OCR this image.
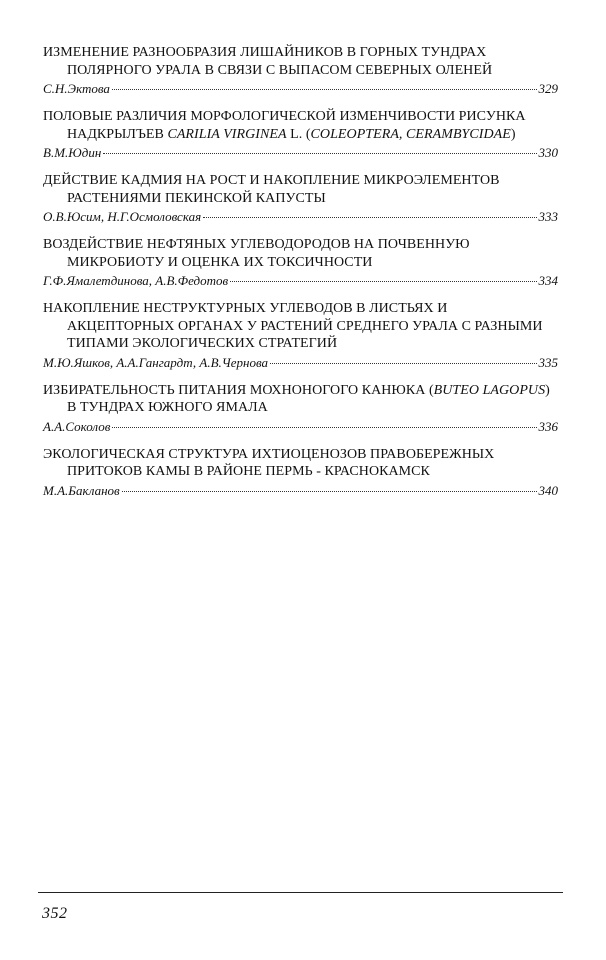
ИЗМЕНЕНИЕ РАЗНООБРАЗИЯ ЛИШАЙНИКОВ В ГОРНЫХ ТУНДРАХ ПОЛЯРНОГО УРАЛА В СВЯЗИ С ВЫПАСОМ СЕВЕРНЫХ ОЛЕНЕЙ
С.Н.Эктова	329
ПОЛОВЫЕ РАЗЛИЧИЯ МОРФОЛОГИЧЕСКОЙ ИЗМЕНЧИВОСТИ РИСУНКА НАДКРЫЛЪЕВ CARILIA VIRGINEA L. (COLEOPTERA, CERAMBYCIDAE)
В.М.Юдин	330
ДЕЙСТВИЕ КАДМИЯ НА РОСТ И НАКОПЛЕНИЕ МИКРОЭЛЕМЕНТОВ РАСТЕНИЯМИ ПЕКИНСКОЙ КАПУСТЫ
О.В.Юсим, Н.Г.Осмоловская	333
ВОЗДЕЙСТВИЕ НЕФТЯНЫХ УГЛЕВОДОРОДОВ НА ПОЧВЕННУЮ МИКРОБИОТУ И ОЦЕНКА ИХ ТОКСИЧНОСТИ
Г.Ф.Ямалетдинова, А.В.Федотов	334
НАКОПЛЕНИЕ НЕСТРУКТУРНЫХ УГЛЕВОДОВ В ЛИСТЬЯХ И АКЦЕПТОРНЫХ ОРГАНАХ У РАСТЕНИЙ СРЕДНЕГО УРАЛА С РАЗНЫМИ ТИПАМИ ЭКОЛОГИЧЕСКИХ СТРАТЕГИЙ
М.Ю.Яшков, А.А.Гангардт, А.В.Чернова	335
ИЗБИРАТЕЛЬНОСТЬ ПИТАНИЯ МОХНОНОГОГО КАНЮКА (BUTEO LAGOPUS) В ТУНДРАХ ЮЖНОГО ЯМАЛА
А.А.Соколов	336
ЭКОЛОГИЧЕСКАЯ СТРУКТУРА ИХТИОЦЕНОЗОВ ПРАВОБЕРЕЖНЫХ ПРИТОКОВ КАМЫ В РАЙОНЕ ПЕРМЬ - КРАСНОКАМСК
М.А.Бакланов	340
352
